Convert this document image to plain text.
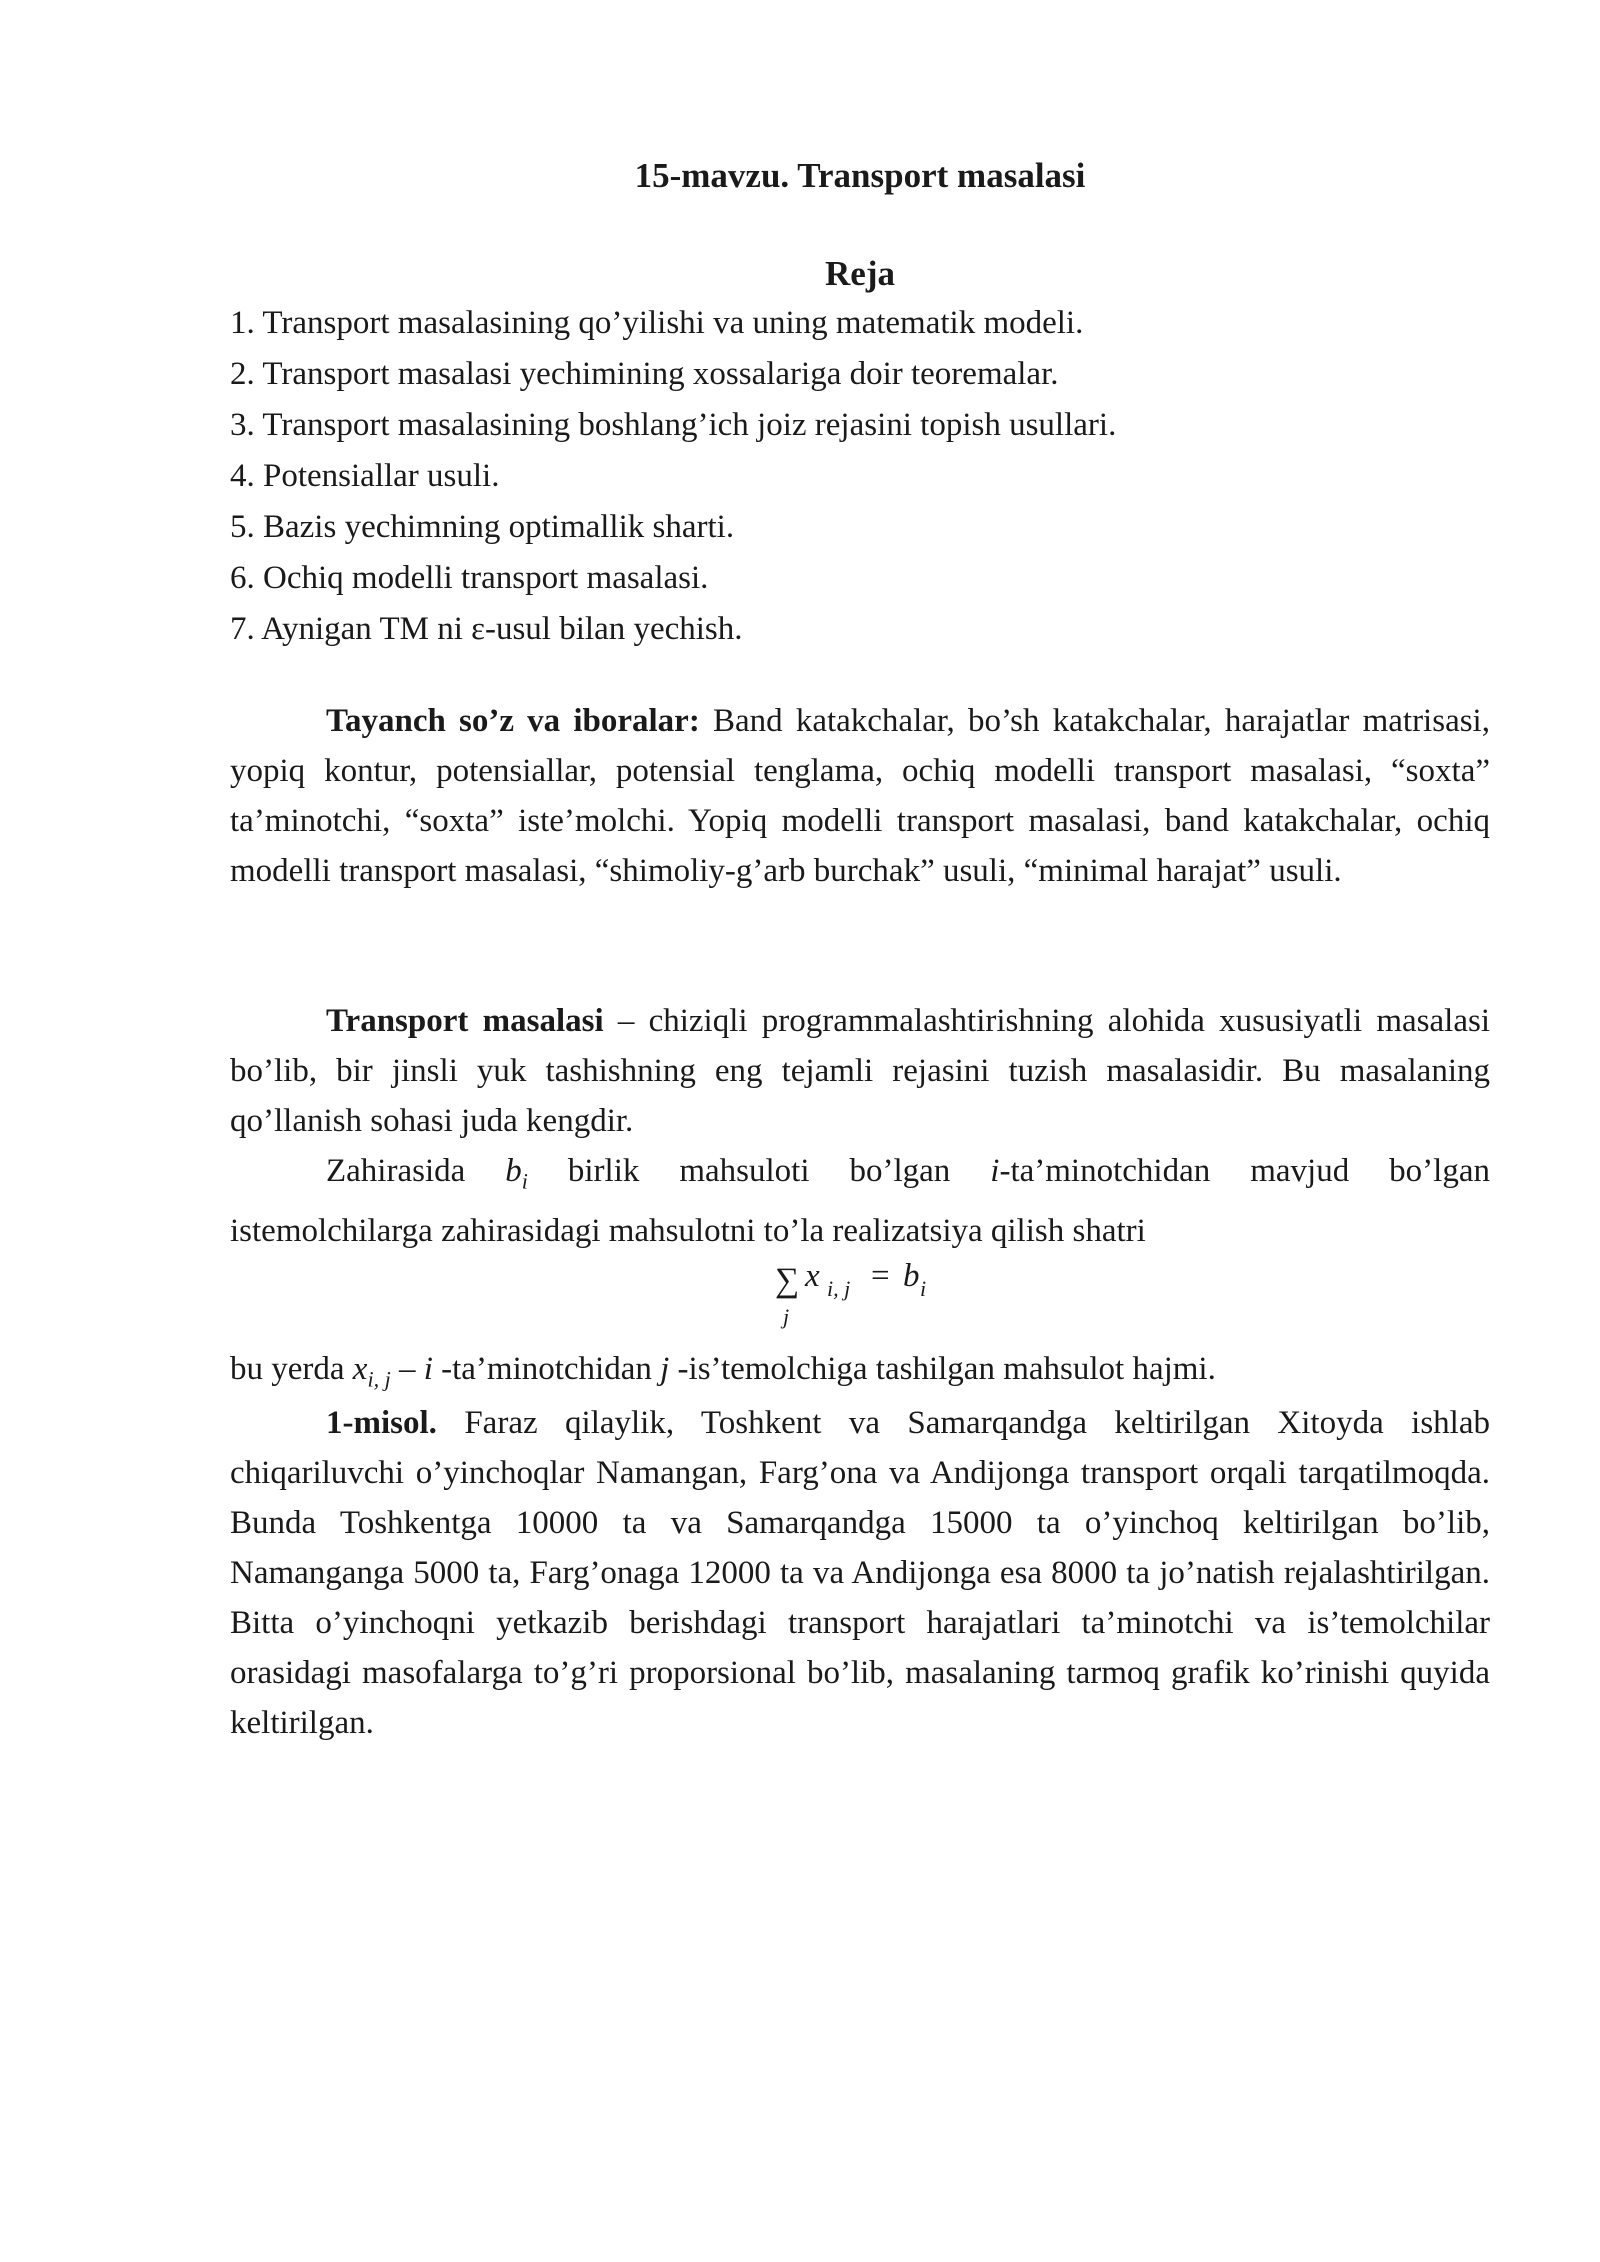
15-mavzu. Transport masalasi
Reja
1. Transport masalasining qo’yilishi va uning matematik modeli.
2. Transport masalasi yechimining xossalariga doir teoremalar.
3. Transport masalasining boshlang’ich joiz rejasini topish usullari.
4. Potensiallar usuli.
5. Bazis yechimning optimallik sharti.
6. Ochiq modelli transport masalasi.
7. Aynigan TM ni ε-usul bilan yechish.

Tayanch so’z va iboralar: Band katakchalar, bo’sh katakchalar, harajatlar matrisasi, yopiq kontur, potensiallar, potensial tenglama, ochiq modelli transport masalasi, “soxta” ta’minotchi, “soxta” iste’molchi. Yopiq modelli transport masalasi, band katakchalar, ochiq modelli transport masalasi, “shimoliy-g’arb burchak” usuli, “minimal harajat” usuli.

Transport masalasi – chiziqli programmalashtirishning alohida xususiyatli masalasi bo’lib, bir jinsli yuk tashishning eng tejamli rejasini tuzish masalasidir. Bu masalaning qo’llanish sohasi juda kengdir.

Zahirasida $b_i$ birlik mahsuloti bo’lgan i-ta’minotchidan mavjud bo’lgan
istemolchilarga zahirasidagi mahsulotni to’la realizatsiya qilish shatri
∑ x i, j = b i
j
bu yerda $x_{i, j}$ – i -ta’minotchidan j -is’temolchiga tashilgan mahsulot hajmi.

1-misol. Faraz qilaylik, Toshkent va Samarqandga keltirilgan Xitoyda ishlab chiqariluvchi o’yinchoqlar Namangan, Farg’ona va Andijonga transport orqali tarqatilmoqda. Bunda Toshkentga 10000 ta va Samarqandga 15000 ta o’yinchoq keltirilgan bo’lib, Namanganga 5000 ta, Farg’onaga 12000 ta va Andijonga esa 8000 ta jo’natish rejalashtirilgan. Bitta o’yinchoqni yetkazib berishdagi transport harajatlari ta’minotchi va is’temolchilar orasidagi masofalarga to’g’ri proporsional bo’lib, masalaning tarmoq grafik ko’rinishi quyida keltirilgan.
